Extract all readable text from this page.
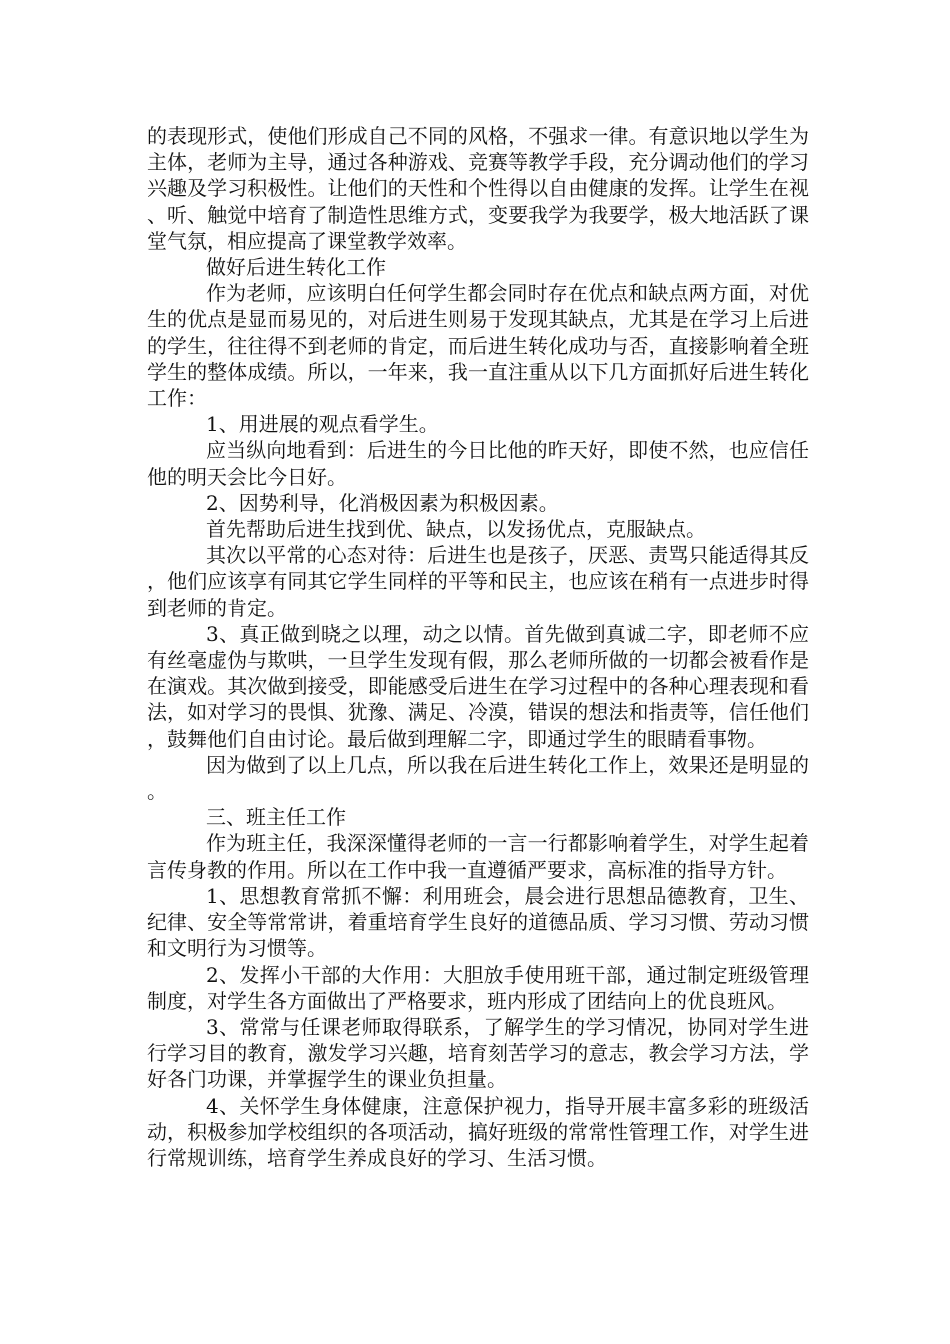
的表现形式，使他们形成自己不同的风格，不强求一律。有意识地以学生为主体，老师为主导，通过各种游戏、竞赛等教学手段，充分调动他们的学习兴趣及学习积极性。让他们的天性和个性得以自由健康的发挥。让学生在视、听、触觉中培育了制造性思维方式，变要我学为我要学，极大地活跃了课堂气氛，相应提高了课堂教学效率。

做好后进生转化工作

作为老师，应该明白任何学生都会同时存在优点和缺点两方面，对优生的优点是显而易见的，对后进生则易于发现其缺点，尤其是在学习上后进的学生，往往得不到老师的肯定，而后进生转化成功与否，直接影响着全班学生的整体成绩。所以，一年来，我一直注重从以下几方面抓好后进生转化工作：

1、用进展的观点看学生。

应当纵向地看到：后进生的今日比他的昨天好，即使不然，也应信任他的明天会比今日好。

2、因势利导，化消极因素为积极因素。

首先帮助后进生找到优、缺点，以发扬优点，克服缺点。

其次以平常的心态对待：后进生也是孩子，厌恶、责骂只能适得其反，他们应该享有同其它学生同样的平等和民主，也应该在稍有一点进步时得到老师的肯定。

3、真正做到晓之以理，动之以情。首先做到真诚二字，即老师不应有丝毫虚伪与欺哄，一旦学生发现有假，那么老师所做的一切都会被看作是在演戏。其次做到接受，即能感受后进生在学习过程中的各种心理表现和看法，如对学习的畏惧、犹豫、满足、冷漠，错误的想法和指责等，信任他们，鼓舞他们自由讨论。最后做到理解二字，即通过学生的眼睛看事物。

因为做到了以上几点，所以我在后进生转化工作上，效果还是明显的。

三、班主任工作

作为班主任，我深深懂得老师的一言一行都影响着学生，对学生起着言传身教的作用。所以在工作中我一直遵循严要求，高标准的指导方针。

1、思想教育常抓不懈：利用班会，晨会进行思想品德教育，卫生、纪律、安全等常常讲，着重培育学生良好的道德品质、学习习惯、劳动习惯和文明行为习惯等。

2、发挥小干部的大作用：大胆放手使用班干部，通过制定班级管理制度，对学生各方面做出了严格要求，班内形成了团结向上的优良班风。

3、常常与任课老师取得联系，了解学生的学习情况，协同对学生进行学习目的教育，激发学习兴趣，培育刻苦学习的意志，教会学习方法，学好各门功课，并掌握学生的课业负担量。

4、关怀学生身体健康，注意保护视力，指导开展丰富多彩的班级活动，积极参加学校组织的各项活动，搞好班级的常常性管理工作，对学生进行常规训练，培育学生养成良好的学习、生活习惯。
